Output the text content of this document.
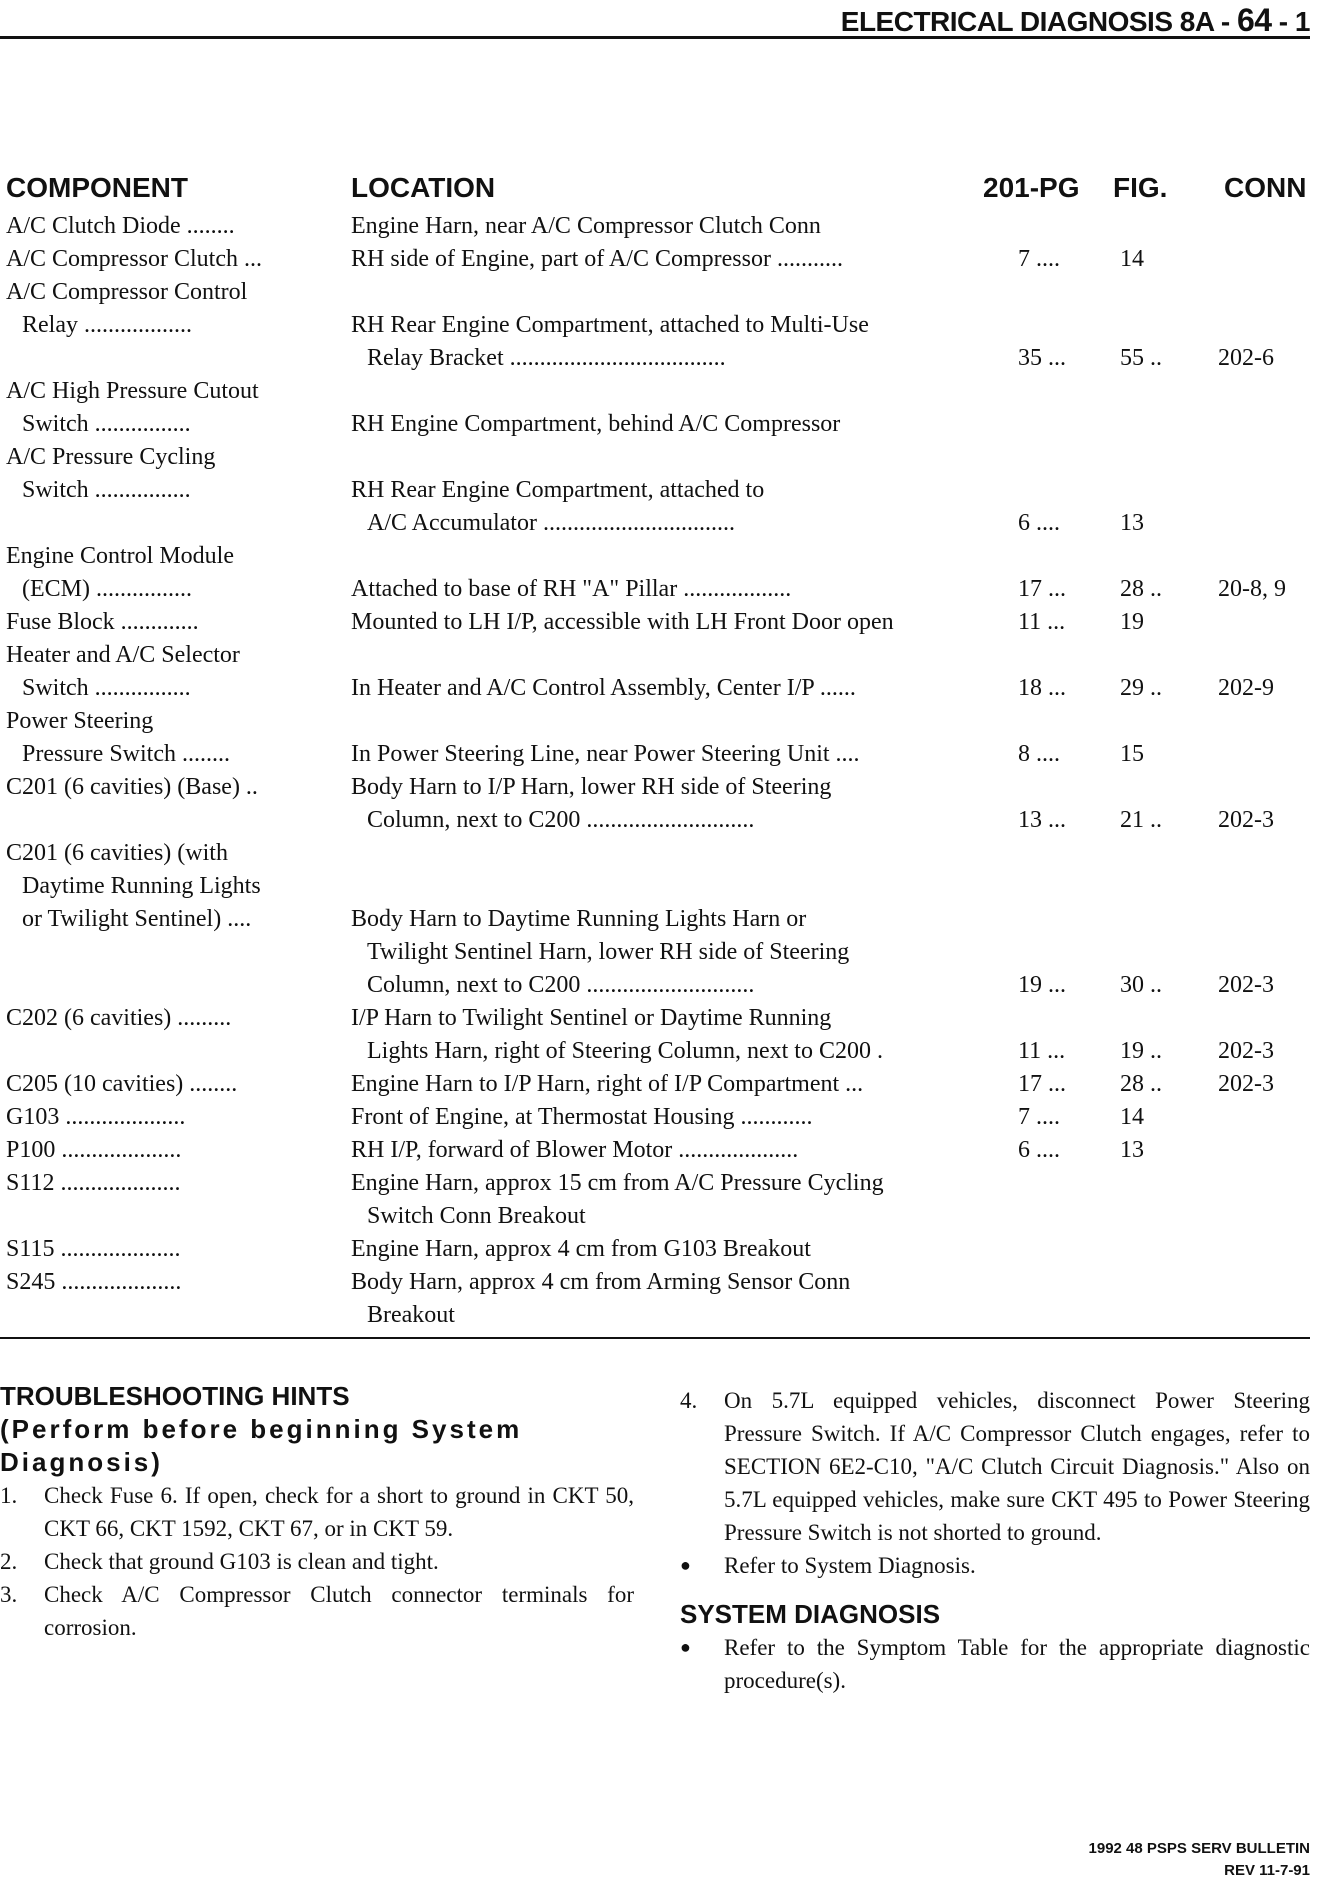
ELECTRICAL DIAGNOSIS 8A - 64 - 1
COMPONENT	LOCATION	201-PG FIG. CONN
A/C Clutch Diode ........	Engine Harn, near A/C Compressor Clutch Conn
A/C Compressor Clutch ...	RH side of Engine, part of A/C Compressor ...........	7 ....	14
A/C Compressor Control
Relay ..................	RH Rear Engine Compartment, attached to Multi-Use
Relay Bracket ....................................	35 ... 55 .. 202-6
A/C High Pressure Cutout
Switch ................	RH Engine Compartment, behind A/C Compressor
A/C Pressure Cycling
Switch ................	RH Rear Engine Compartment, attached to
A/C Accumulator ................................	6 ....	13
Engine Control Module
(ECM) ................	Attached to base of RH "A" Pillar ..................	17 ... 28 .. 20-8, 9
Fuse Block .............	Mounted to LH I/P, accessible with LH Front Door open	11 ... 19
Heater and A/C Selector
Switch ................	In Heater and A/C Control Assembly, Center I/P ......	18 ... 29 .. 202-9
Power Steering
Pressure Switch ........	In Power Steering Line, near Power Steering Unit ....	8 ....	15
C201 (6 cavities) (Base) ..	Body Harn to I/P Harn, lower RH side of Steering
Column, next to C200 ............................	13 ... 21 .. 202-3
C201 (6 cavities) (with
Daytime Running Lights
or Twilight Sentinel) ....	Body Harn to Daytime Running Lights Harn or
Twilight Sentinel Harn, lower RH side of Steering
Column, next to C200 ............................	19 ... 30 .. 202-3
C202 (6 cavities) .........	I/P Harn to Twilight Sentinel or Daytime Running
Lights Harn, right of Steering Column, next to C200 .	11 ... 19 .. 202-3
C205 (10 cavities) ........	Engine Harn to I/P Harn, right of I/P Compartment ...	17 ... 28 .. 202-3
G103 ....................	Front of Engine, at Thermostat Housing ............	7 ....	14
P100 ....................	RH I/P, forward of Blower Motor ....................	6 ....	13
S112 ....................	Engine Harn, approx 15 cm from A/C Pressure Cycling
Switch Conn Breakout
S115 ....................	Engine Harn, approx 4 cm from G103 Breakout
S245 ....................	Body Harn, approx 4 cm from Arming Sensor Conn
Breakout
TROUBLESHOOTING HINTS
(Perform before beginning System Diagnosis)
1. Check Fuse 6. If open, check for a short to ground in CKT 50, CKT 66, CKT 1592, CKT 67, or in CKT 59.
2. Check that ground G103 is clean and tight.
3. Check A/C Compressor Clutch connector terminals for corrosion.
4. On 5.7L equipped vehicles, disconnect Power Steering Pressure Switch. If A/C Compressor Clutch engages, refer to SECTION 6E2-C10, "A/C Clutch Circuit Diagnosis." Also on 5.7L equipped vehicles, make sure CKT 495 to Power Steering Pressure Switch is not shorted to ground.
● Refer to System Diagnosis.
SYSTEM DIAGNOSIS
● Refer to the Symptom Table for the appropriate diagnostic procedure(s).
1992 48 PSPS SERV BULLETIN
REV 11-7-91
